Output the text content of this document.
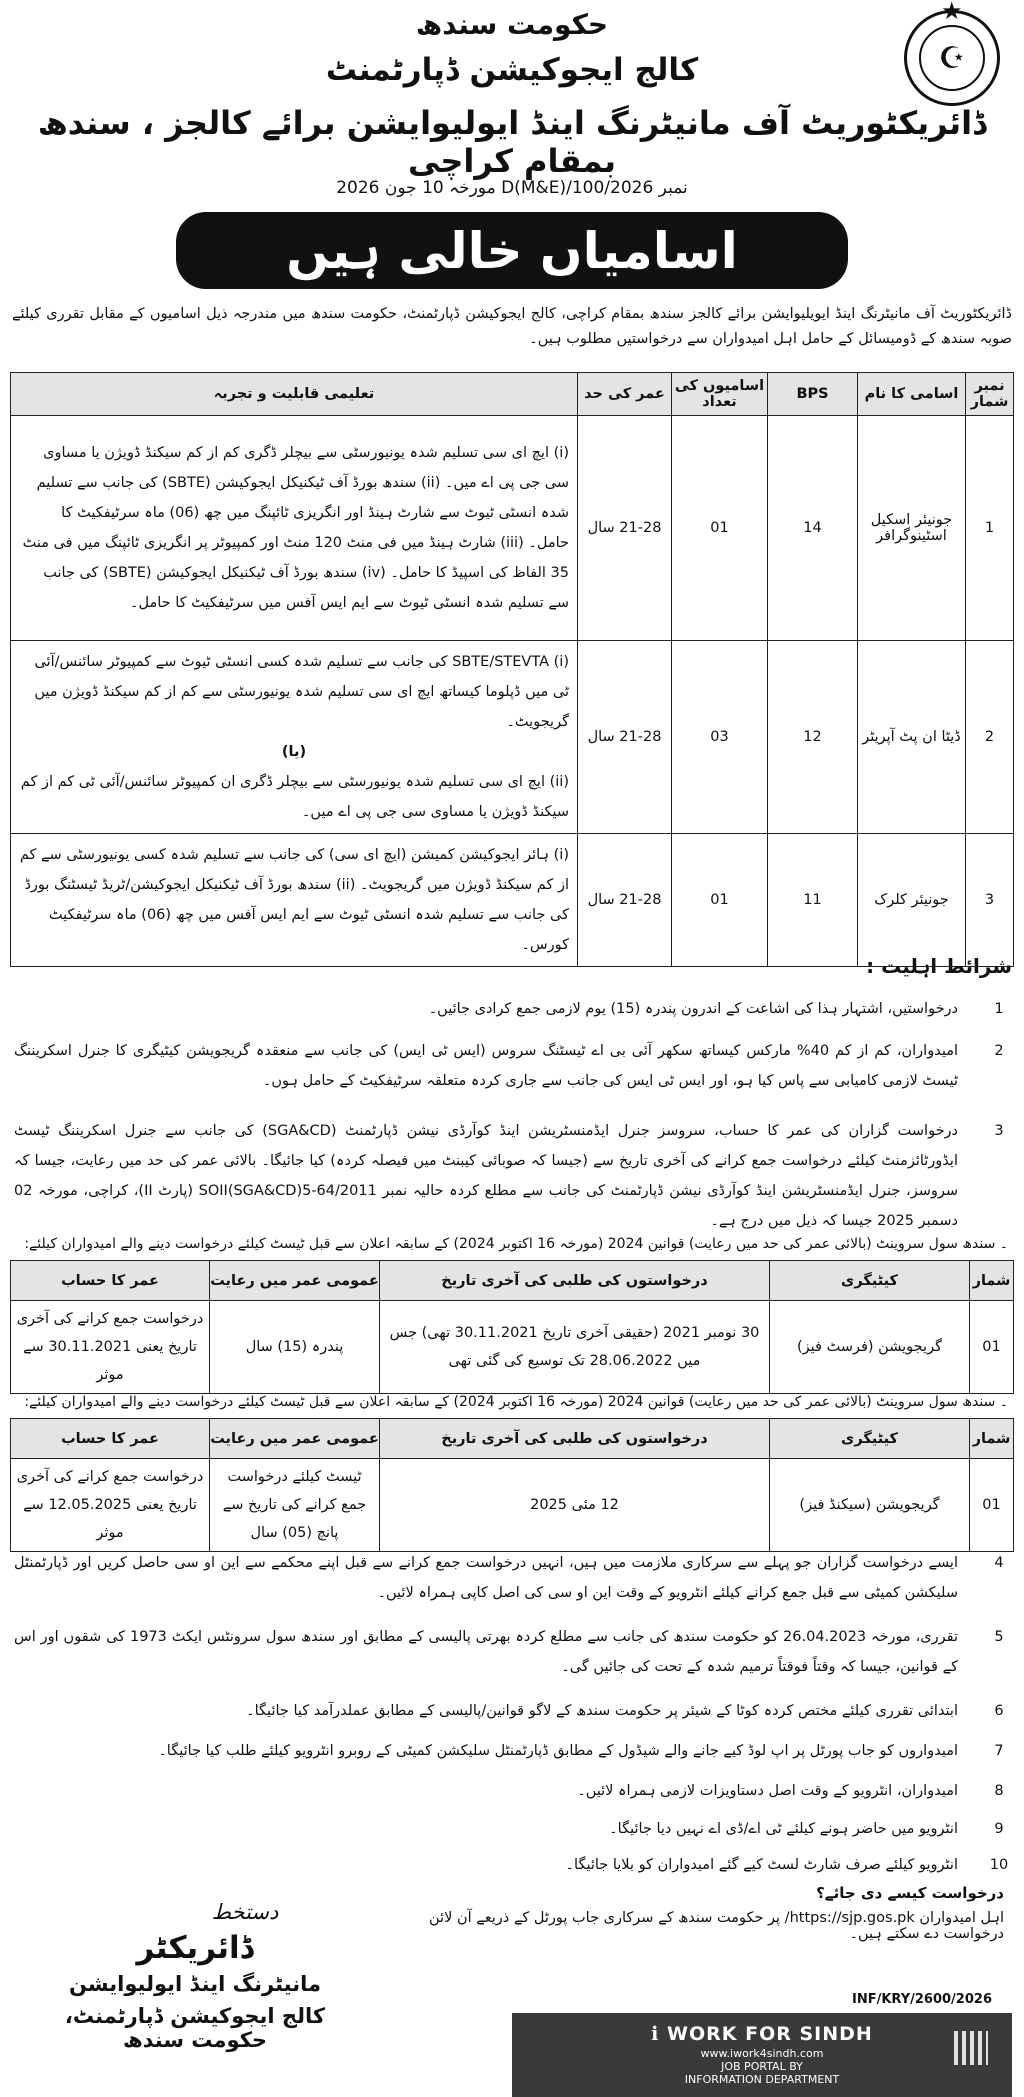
★
☪
حکومت سندھ
کالج ایجوکیشن ڈپارٹمنٹ
ڈائریکٹوریٹ آف مانیٹرنگ اینڈ ایولیوایشن برائے کالجز ، سندھ بمقام کراچی
نمبر D(M&E)/100/2026 مورخہ 10 جون 2026
اسامیاں خالی ہیں
ڈائریکٹوریٹ آف مانیٹرنگ اینڈ ایویلیوایشن برائے کالجز سندھ بمقام کراچی، کالج ایجوکیشن ڈپارٹمنٹ، حکومت سندھ میں مندرجہ ذیل اسامیوں کے مقابل تقرری کیلئے صوبہ سندھ کے ڈومیسائل کے حامل اہل امیدواران سے درخواستیں مطلوب ہیں۔
نمبر شمار	اسامی کا نام	BPS	اسامیوں کی تعداد	عمر کی حد	تعلیمی قابلیت و تجربہ
1	جونیئر اسکیل اسٹینوگرافر	14	01	21-28 سال	(i) ایچ ای سی تسلیم شدہ یونیورسٹی سے بیچلر ڈگری کم از کم سیکنڈ ڈویژن یا مساوی سی جی پی اے میں۔ (ii) سندھ بورڈ آف ٹیکنیکل ایجوکیشن (SBTE) کی جانب سے تسلیم شدہ انسٹی ٹیوٹ سے شارٹ ہینڈ اور انگریزی ٹائپنگ میں چھ (06) ماہ سرٹیفکیٹ کا حامل۔ (iii) شارٹ ہینڈ میں فی منٹ 120 منٹ اور کمپیوٹر پر انگریزی ٹائپنگ میں فی منٹ 35 الفاظ کی اسپیڈ کا حامل۔ (iv) سندھ بورڈ آف ٹیکنیکل ایجوکیشن (SBTE) کی جانب سے تسلیم شدہ انسٹی ٹیوٹ سے ایم ایس آفس میں سرٹیفکیٹ کا حامل۔
2	ڈیٹا ان پٹ آپریٹر	12	03	21-28 سال	(i) SBTE/STEVTA کی جانب سے تسلیم شدہ کسی انسٹی ٹیوٹ سے کمپیوٹر سائنس/آئی ٹی میں ڈپلوما کیساتھ ایچ ای سی تسلیم شدہ یونیورسٹی سے کم از کم سیکنڈ ڈویژن میں گریجویٹ۔
(یا)
(ii) ایچ ای سی تسلیم شدہ یونیورسٹی سے بیچلر ڈگری ان کمپیوٹر سائنس/آئی ٹی کم از کم سیکنڈ ڈویژن یا مساوی سی جی پی اے میں۔

3	جونیئر کلرک	11	01	21-28 سال	(i) ہائر ایجوکیشن کمیشن (ایچ ای سی) کی جانب سے تسلیم شدہ کسی یونیورسٹی سے کم از کم سیکنڈ ڈویژن میں گریجویٹ۔ (ii) سندھ بورڈ آف ٹیکنیکل ایجوکیشن/ٹریڈ ٹیسٹنگ بورڈ کی جانب سے تسلیم شدہ انسٹی ٹیوٹ سے ایم ایس آفس میں چھ (06) ماہ سرٹیفکیٹ کورس۔
شرائط اہلیت :
1
درخواستیں، اشتہار ہذا کی اشاعت کے اندرون پندرہ (15) یوم لازمی جمع کرادی جائیں۔
2
امیدواران، کم از کم 40% مارکس کیساتھ سکھر آئی بی اے ٹیسٹنگ سروس (ایس ٹی ایس) کی جانب سے منعقدہ گریجویشن کیٹیگری کا جنرل اسکریننگ ٹیسٹ لازمی کامیابی سے پاس کیا ہو، اور ایس ٹی ایس کی جانب سے جاری کردہ متعلقہ سرٹیفکیٹ کے حامل ہوں۔
3
درخواست گزاران کی عمر کا حساب، سروسز جنرل ایڈمنسٹریشن اینڈ کوآرڈی نیشن ڈپارٹمنٹ (SGA&CD) کی جانب سے جنرل اسکریننگ ٹیسٹ ایڈورٹائزمنٹ کیلئے درخواست جمع کرانے کی آخری تاریخ سے (جیسا کہ صوبائی کیبنٹ میں فیصلہ کردہ) کیا جائیگا۔ بالائی عمر کی حد میں رعایت، جیسا کہ سروسز، جنرل ایڈمنسٹریشن اینڈ کوآرڈی نیشن ڈپارٹمنٹ کی جانب سے مطلع کردہ حالیہ نمبر SOII(SGA&CD)5-64/2011 (پارٹ II)، کراچی، مورخہ 02 دسمبر 2025 جیسا کہ ذیل میں درج ہے۔
۔ سندھ سول سروینٹ (بالائی عمر کی حد میں رعایت) قوانین 2024 (مورخہ 16 اکتوبر 2024) کے سابقہ اعلان سے قبل ٹیسٹ کیلئے درخواست دینے والے امیدواران کیلئے:
شمار	کیٹیگری	درخواستوں کی طلبی کی آخری تاریخ	عمومی عمر میں رعایت	عمر کا حساب
01	گریجویشن (فرسٹ فیز)	30 نومبر 2021 (حقیقی آخری تاریخ 30.11.2021 تھی) جس میں 28.06.2022 تک توسیع کی گئی تھی	پندرہ (15) سال	درخواست جمع کرانے کی آخری تاریخ یعنی 30.11.2021 سے موثر
۔ سندھ سول سروینٹ (بالائی عمر کی حد میں رعایت) قوانین 2024 (مورخہ 16 اکتوبر 2024) کے سابقہ اعلان سے قبل ٹیسٹ کیلئے درخواست دینے والے امیدواران کیلئے:
شمار	کیٹیگری	درخواستوں کی طلبی کی آخری تاریخ	عمومی عمر میں رعایت	عمر کا حساب
01	گریجویشن (سیکنڈ فیز)	12 مئی 2025	ٹیسٹ کیلئے درخواست جمع کرانے کی تاریخ سے پانچ (05) سال	درخواست جمع کرانے کی آخری تاریخ یعنی 12.05.2025 سے موثر
4
ایسے درخواست گزاران جو پہلے سے سرکاری ملازمت میں ہیں، انہیں درخواست جمع کرانے سے قبل اپنے محکمے سے این او سی حاصل کریں اور ڈپارٹمنٹل سلیکشن کمیٹی سے قبل جمع کرانے کیلئے انٹرویو کے وقت این او سی کی اصل کاپی ہمراہ لائیں۔
5
تقرری، مورخہ 26.04.2023 کو حکومت سندھ کی جانب سے مطلع کردہ بھرتی پالیسی کے مطابق اور سندھ سول سرونٹس ایکٹ 1973 کی شقوں اور اس کے قوانین، جیسا کہ وقتاً فوقتاً ترمیم شدہ کے تحت کی جائیں گی۔
6
ابتدائی تقرری کیلئے مختص کردہ کوٹا کے شیئر پر حکومت سندھ کے لاگو قوانین/پالیسی کے مطابق عملدرآمد کیا جائیگا۔
7
امیدواروں کو جاب پورٹل پر اپ لوڈ کیے جانے والے شیڈول کے مطابق ڈپارٹمنٹل سلیکشن کمیٹی کے روبرو انٹرویو کیلئے طلب کیا جائیگا۔
8
امیدواران، انٹرویو کے وقت اصل دستاویزات لازمی ہمراہ لائیں۔
9
انٹرویو میں حاضر ہونے کیلئے ٹی اے/ڈی اے نہیں دیا جائیگا۔
10
انٹرویو کیلئے صرف شارٹ لسٹ کیے گئے امیدواران کو بلایا جائیگا۔
درخواست کیسے دی جائے؟
اہل امیدواران https://sjp.gos.pk/ پر حکومت سندھ کے سرکاری جاب پورٹل کے ذریعے آن لائن درخواست دے سکتے ہیں۔
دستخط
ڈائریکٹر
مانیٹرنگ اینڈ ایولیوایشن
کالج ایجوکیشن ڈپارٹمنٹ، حکومت سندھ
INF/KRY/2600/2026
ℹ WORK FOR SINDH
www.iwork4sindh.com
JOB PORTAL BY
INFORMATION DEPARTMENT
